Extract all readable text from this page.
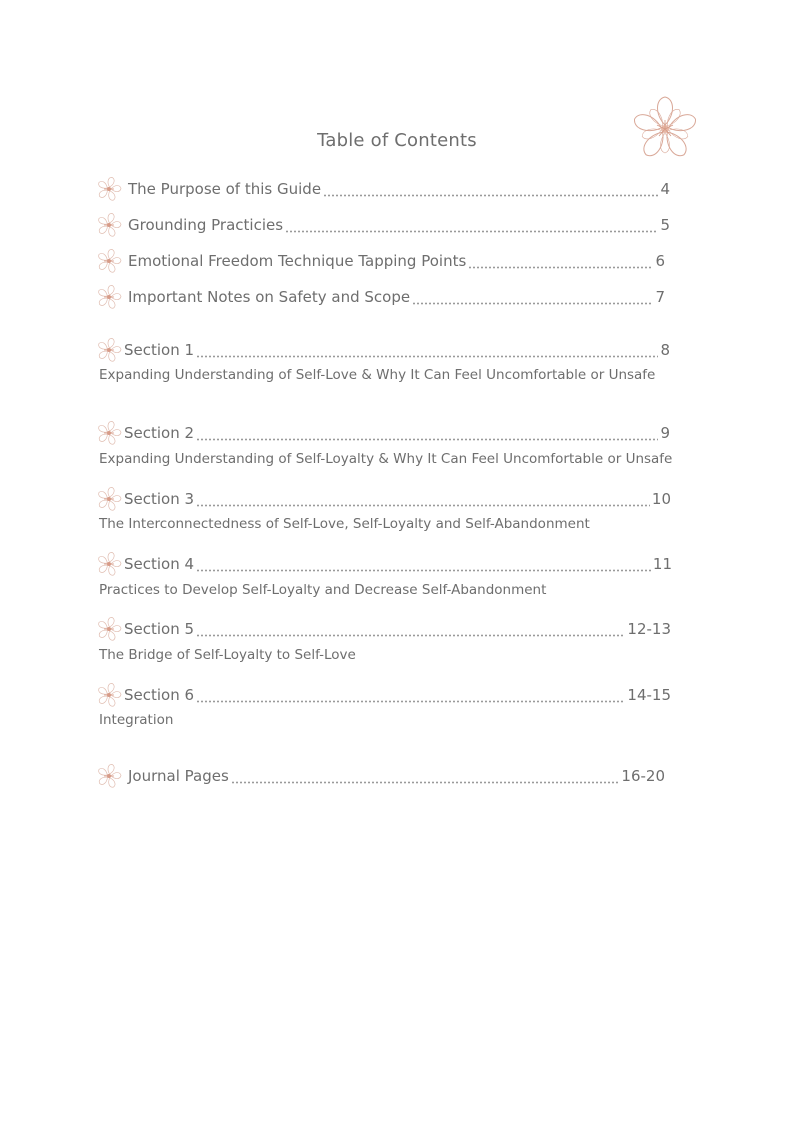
Table of Contents
The Purpose of this Guide	4
Grounding Practicies	5
Emotional Freedom Technique Tapping Points	6
Important Notes on Safety and Scope	7
Section 1	8
Expanding Understanding of Self-Love & Why It Can Feel Uncomfortable or Unsafe
Section 2	9
Expanding Understanding of Self-Loyalty & Why It Can Feel Uncomfortable or Unsafe
Section 3	10
The Interconnectedness of Self-Love, Self-Loyalty and Self-Abandonment
Section 4	11
Practices to Develop Self-Loyalty and Decrease Self-Abandonment
Section 5	12-13
The Bridge of Self-Loyalty to Self-Love
Section 6	14-15
Integration
Journal Pages	16-20
